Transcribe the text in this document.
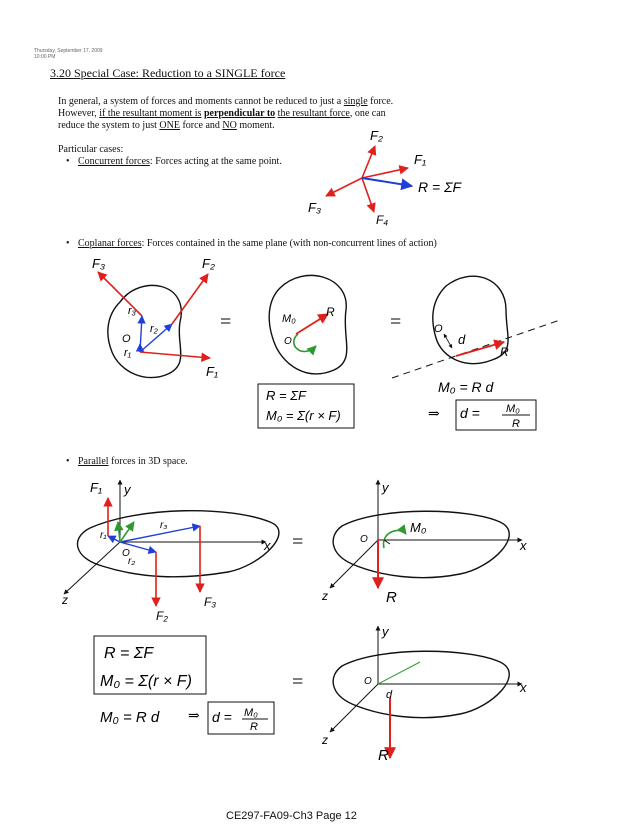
Thursday, September 17, 2009
10:00 PM
3.20 Special Case: Reduction to a SINGLE force
In general, a system of forces and moments cannot be reduced to just a single force.
However, if the resultant moment is perpendicular to the resultant force, one can
reduce the system to just ONE force and NO moment.
Particular cases:
• Concurrent forces: Forces acting at the same point.
• Coplanar forces: Forces contained in the same plane (with non-concurrent lines of action)
• Parallel forces in 3D space.
F₂
F₁
F₃
F₄
R = ΣF
F₃	F₂
F₁
r₃
r₂
r₁
O
=	M₀	R
O
=	O
d
R
R = ΣF
M₀ = Σ(r × F)
M₀ = R d
⇒ d = M₀
R
F₁ y
F₂
F₃
r₁
r₂
r₃
O
x
z
=
y
O
M₀
x
z	R
y
O
d	x
z
R
=
R = ΣF
M₀ = Σ(r × F)
M₀ = R d ⇒ d = M₀
R
CE297-FA09-Ch3 Page 12
